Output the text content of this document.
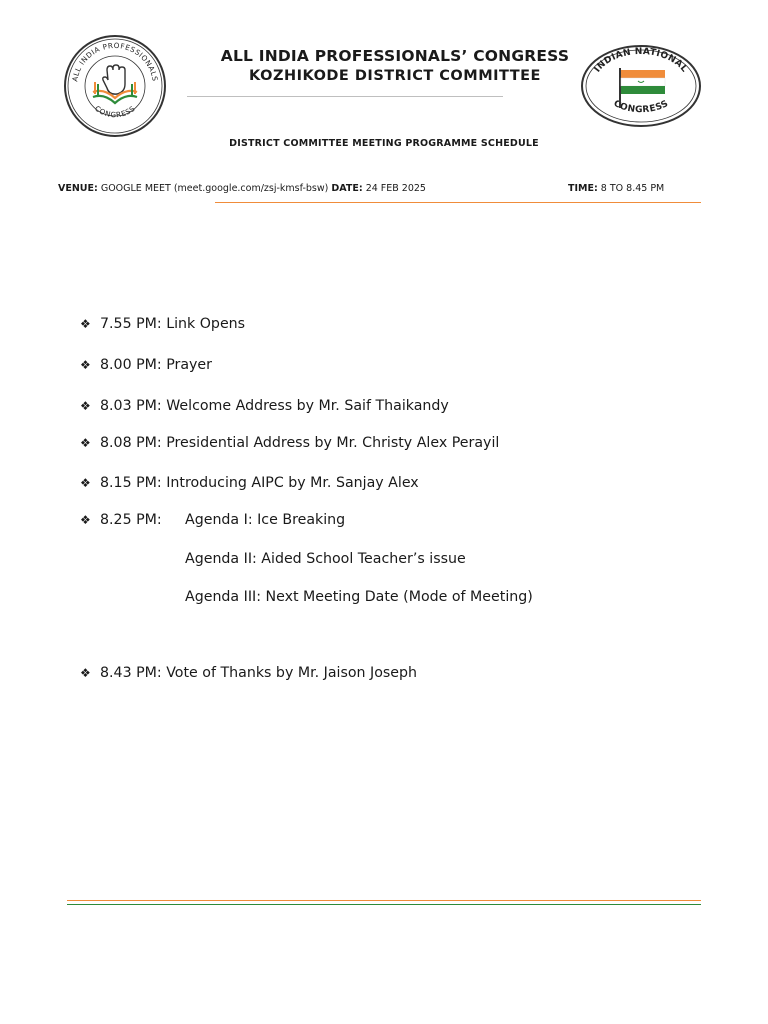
ALL INDIA PROFESSIONALS
CONGRESS
ALL INDIA PROFESSIONALS’ CONGRESS
KOZHIKODE DISTRICT COMMITTEE	INDIAN NATIONAL
CONGRESS
DISTRICT COMMITTEE MEETING PROGRAMME SCHEDULE
VENUE: GOOGLE MEET (meet.google.com/zsj-kmsf-bsw) DATE: 24 FEB 2025	TIME: 8 TO 8.45 PM
❖ 7.55 PM: Link Opens
❖ 8.00 PM: Prayer
❖ 8.03 PM: Welcome Address by Mr. Saif Thaikandy
❖ 8.08 PM: Presidential Address by Mr. Christy Alex Perayil
❖ 8.15 PM: Introducing AIPC by Mr. Sanjay Alex
❖ 8.25 PM: Agenda I: Ice Breaking
Agenda II: Aided School Teacher’s issue
Agenda III: Next Meeting Date (Mode of Meeting)
❖ 8.43 PM: Vote of Thanks by Mr. Jaison Joseph
